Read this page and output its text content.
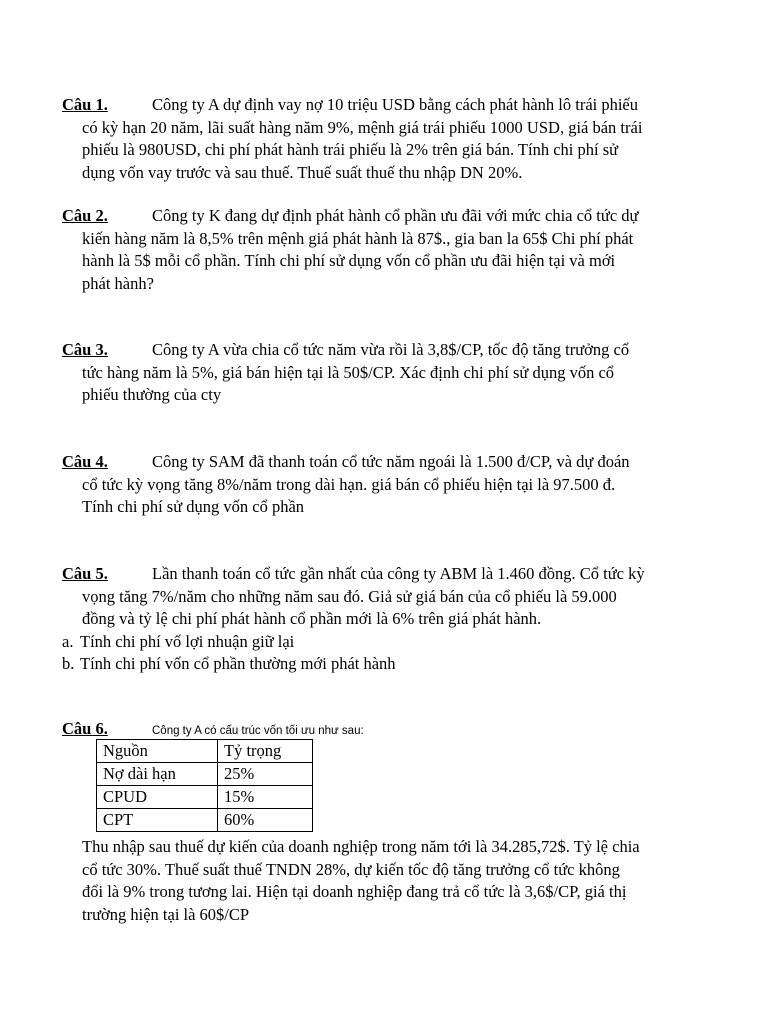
Câu 1.	Công ty A dự định vay nợ 10 triệu USD bằng cách phát hành lô trái phiếu
có kỳ hạn 20 năm, lãi suất hàng năm 9%, mệnh giá trái phiếu 1000 USD, giá bán trái
phiếu là 980USD, chi phí phát hành trái phiếu là 2% trên giá bán. Tính chi phí sử
dụng vốn vay trước và sau thuế. Thuế suất thuế thu nhập DN 20%.
Câu 2.	Công ty K đang dự định phát hành cổ phần ưu đãi với mức chia cổ tức dự
kiến hàng năm là 8,5% trên mệnh giá phát hành là 87$., gia ban la 65$ Chi phí phát
hành là 5$ mỗi cổ phần. Tính chi phí sử dụng vốn cổ phần ưu đãi hiện tại và mới
phát hành?
Câu 3.	Công ty A vừa chia cổ tức năm vừa rồi là 3,8$/CP, tốc độ tăng trưởng cổ
tức hàng năm là 5%, giá bán hiện tại là 50$/CP. Xác định chi phí sử dụng vốn cổ
phiếu thường của cty
Câu 4.	Công ty SAM đã thanh toán cổ tức năm ngoái là 1.500 đ/CP, và dự đoán
cổ tức kỳ vọng tăng 8%/năm trong dài hạn. giá bán cổ phiếu hiện tại là 97.500 đ.
Tính chi phí sử dụng vốn cổ phần
Câu 5.	Lần thanh toán cổ tức gần nhất của công ty ABM là 1.460 đồng. Cổ tức kỳ
vọng tăng 7%/năm cho những năm sau đó. Giả sử giá bán của cổ phiếu là 59.000
đồng và tỷ lệ chi phí phát hành cổ phần mới là 6% trên giá phát hành.
a. Tính chi phí vố lợi nhuận giữ lại
b. Tính chi phí vốn cổ phần thường mới phát hành
Câu 6.	Công ty A có cấu trúc vốn tối ưu như sau:
Nguồn	Tỷ trọng
Nợ dài hạn	25%
CPUD	15%
CPT	60%
Thu nhập sau thuế dự kiến của doanh nghiệp trong năm tới là 34.285,72$. Tỷ lệ chia
cổ tức 30%. Thuế suất thuế TNDN 28%, dự kiến tốc độ tăng trưởng cổ tức không
đổi là 9% trong tương lai. Hiện tại doanh nghiệp đang trả cổ tức là 3,6$/CP, giá thị
trường hiện tại là 60$/CP
